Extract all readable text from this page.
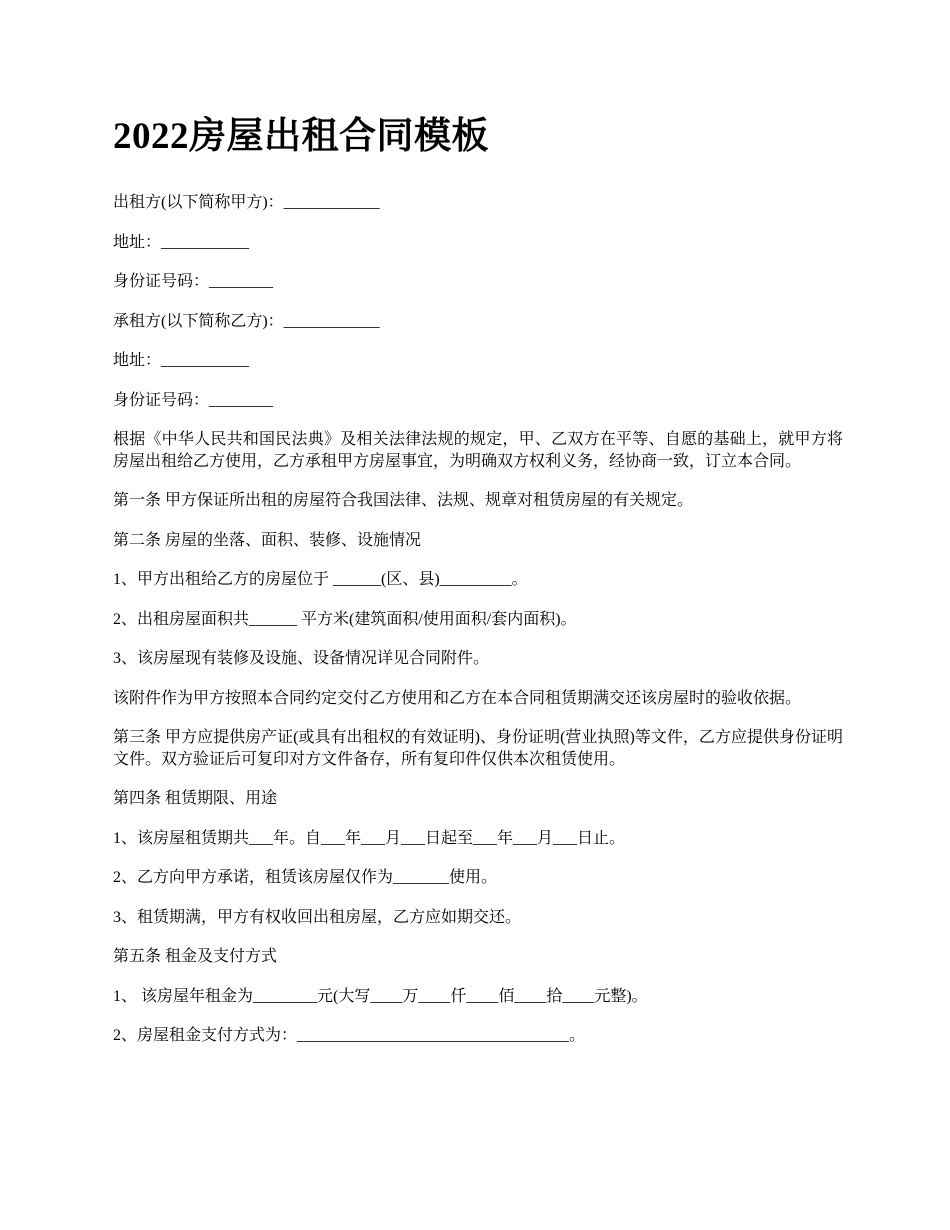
2022房屋出租合同模板

出租方(以下简称甲方)：____________

地址：___________

身份证号码：________

承租方(以下简称乙方)：____________

地址：___________

身份证号码：________

根据《中华人民共和国民法典》及相关法律法规的规定，甲、乙双方在平等、自愿的基础上，就甲方将房屋出租给乙方使用，乙方承租甲方房屋事宜，为明确双方权利义务，经协商一致，订立本合同。

第一条 甲方保证所出租的房屋符合我国法律、法规、规章对租赁房屋的有关规定。

第二条 房屋的坐落、面积、装修、设施情况

1、甲方出租给乙方的房屋位于 ______(区、县)_________。

2、出租房屋面积共______ 平方米(建筑面积/使用面积/套内面积)。

3、该房屋现有装修及设施、设备情况详见合同附件。

该附件作为甲方按照本合同约定交付乙方使用和乙方在本合同租赁期满交还该房屋时的验收依据。

第三条 甲方应提供房产证(或具有出租权的有效证明)、身份证明(营业执照)等文件，乙方应提供身份证明文件。双方验证后可复印对方文件备存，所有复印件仅供本次租赁使用。

第四条 租赁期限、用途

1、该房屋租赁期共___年。自___年___月___日起至___年___月___日止。

2、乙方向甲方承诺，租赁该房屋仅作为_______使用。

3、租赁期满，甲方有权收回出租房屋，乙方应如期交还。

第五条 租金及支付方式

1、 该房屋年租金为________元(大写____万____仟____佰____拾____元整)。

2、房屋租金支付方式为：__________________________________。
